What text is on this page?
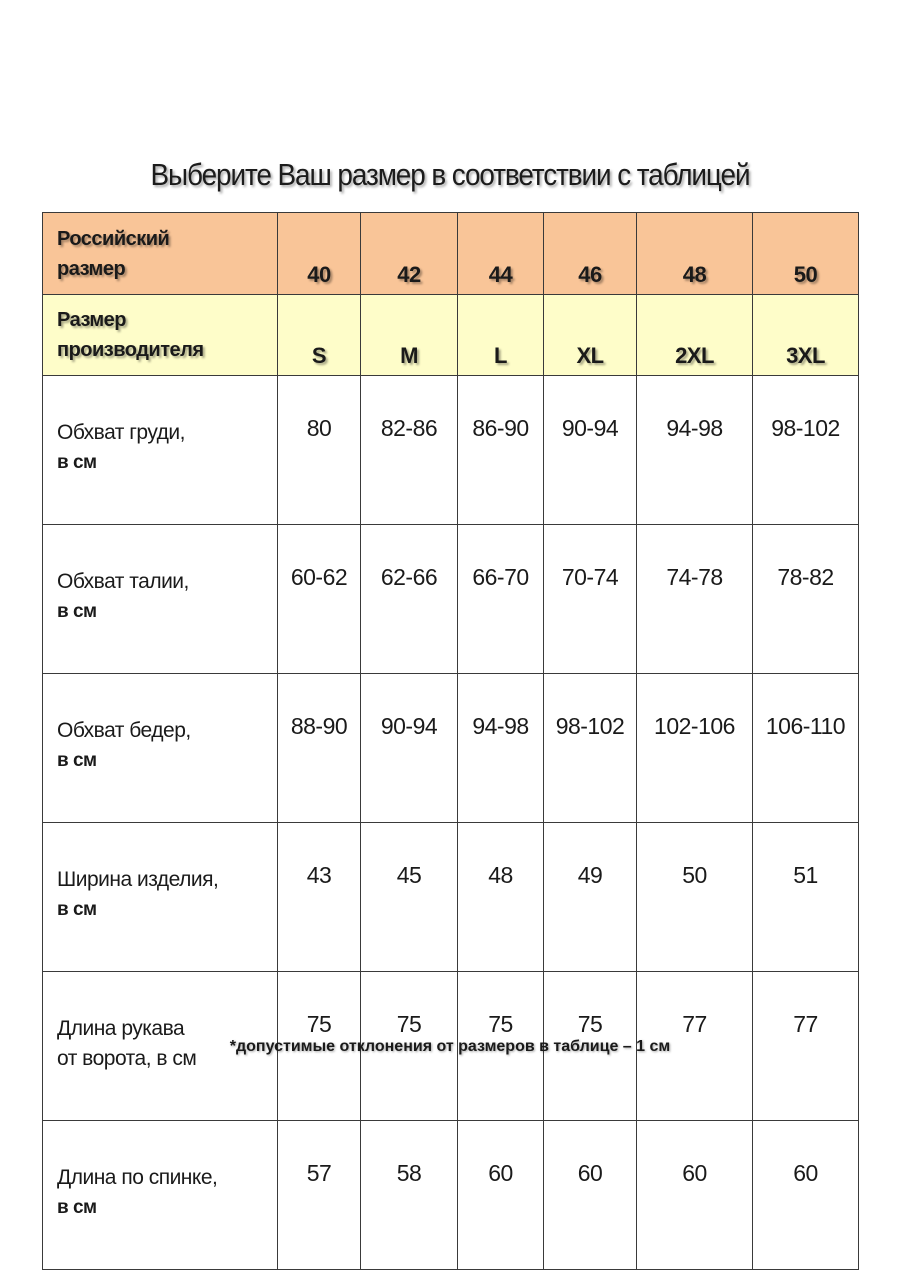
Выберите Ваш размер в соответствии с таблицей
Российский
размер	40	42	44	46	48	50

Размер
производителя	S	M	L	XL	2XL	3XL

Обхват груди,
в см	80	82-86	86-90	90-94	94-98	98-102

Обхват талии,
в см	60-62	62-66	66-70	70-74	74-78	78-82

Обхват бедер,
в см	88-90	90-94	94-98	98-102	102-106	106-110

Ширина изделия,
в см	43	45	48	49	50	51

Длина рукава
от ворота, в см	75	75	75	75	77	77

Длина по спинке,
в см	57	58	60	60	60	60
*допустимые отклонения от размеров в таблице – 1 см
